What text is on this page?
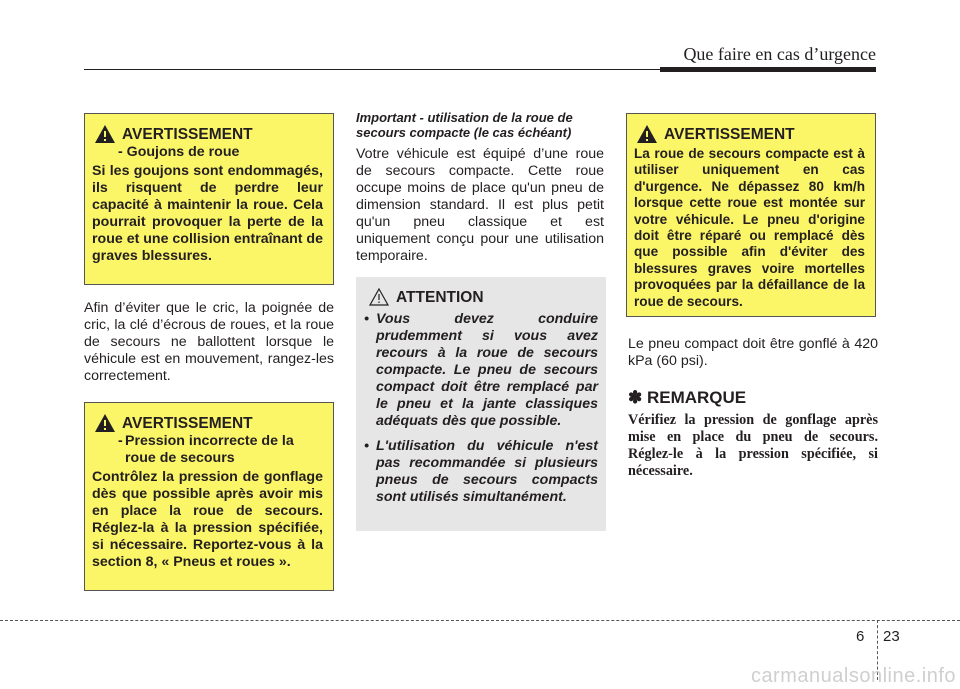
Que faire en cas d’urgence
AVERTISSEMENT
- Goujons de roue
Si les goujons sont endommagés, ils risquent de perdre leur capacité à maintenir la roue. Cela pourrait provoquer la perte de la roue et une collision entraînant de graves blessures.
Afin d’éviter que le cric, la poignée de cric, la clé d’écrous de roues, et la roue de secours ne ballottent lorsque le véhicule est en mouvement, rangez-les correctement.
AVERTISSEMENT
- Pression incorrecte de la roue de secours
Contrôlez la pression de gonflage dès que possible après avoir mis en place la roue de secours. Réglez-la à la pression spécifiée, si nécessaire. Reportez-vous à la section 8, « Pneus et roues ».
Important - utilisation de la roue de secours compacte (le cas échéant)
Votre véhicule est équipé d’une roue de secours compacte. Cette roue occupe moins de place qu'un pneu de dimension standard. Il est plus petit qu'un pneu classique et est uniquement conçu pour une utilisation temporaire.
ATTENTION
• Vous devez conduire prudemment si vous avez recours à la roue de secours compacte. Le pneu de secours compact doit être remplacé par le pneu et la jante classiques adéquats dès que possible.
• L'utilisation du véhicule n'est pas recommandée si plusieurs pneus de secours compacts sont utilisés simultanément.
AVERTISSEMENT
La roue de secours compacte est à utiliser uniquement en cas d'urgence. Ne dépassez 80 km/h lorsque cette roue est montée sur votre véhicule. Le pneu d'origine doit être réparé ou remplacé dès que possible afin d'éviter des blessures graves voire mortelles provoquées par la défaillance de la roue de secours.
Le pneu compact doit être gonflé à 420 kPa (60 psi).
✽ REMARQUE
Vérifiez la pression de gonflage après mise en place du pneu de secours. Réglez-le à la pression spécifiée, si nécessaire.
6 23
carmanualsonline.info
